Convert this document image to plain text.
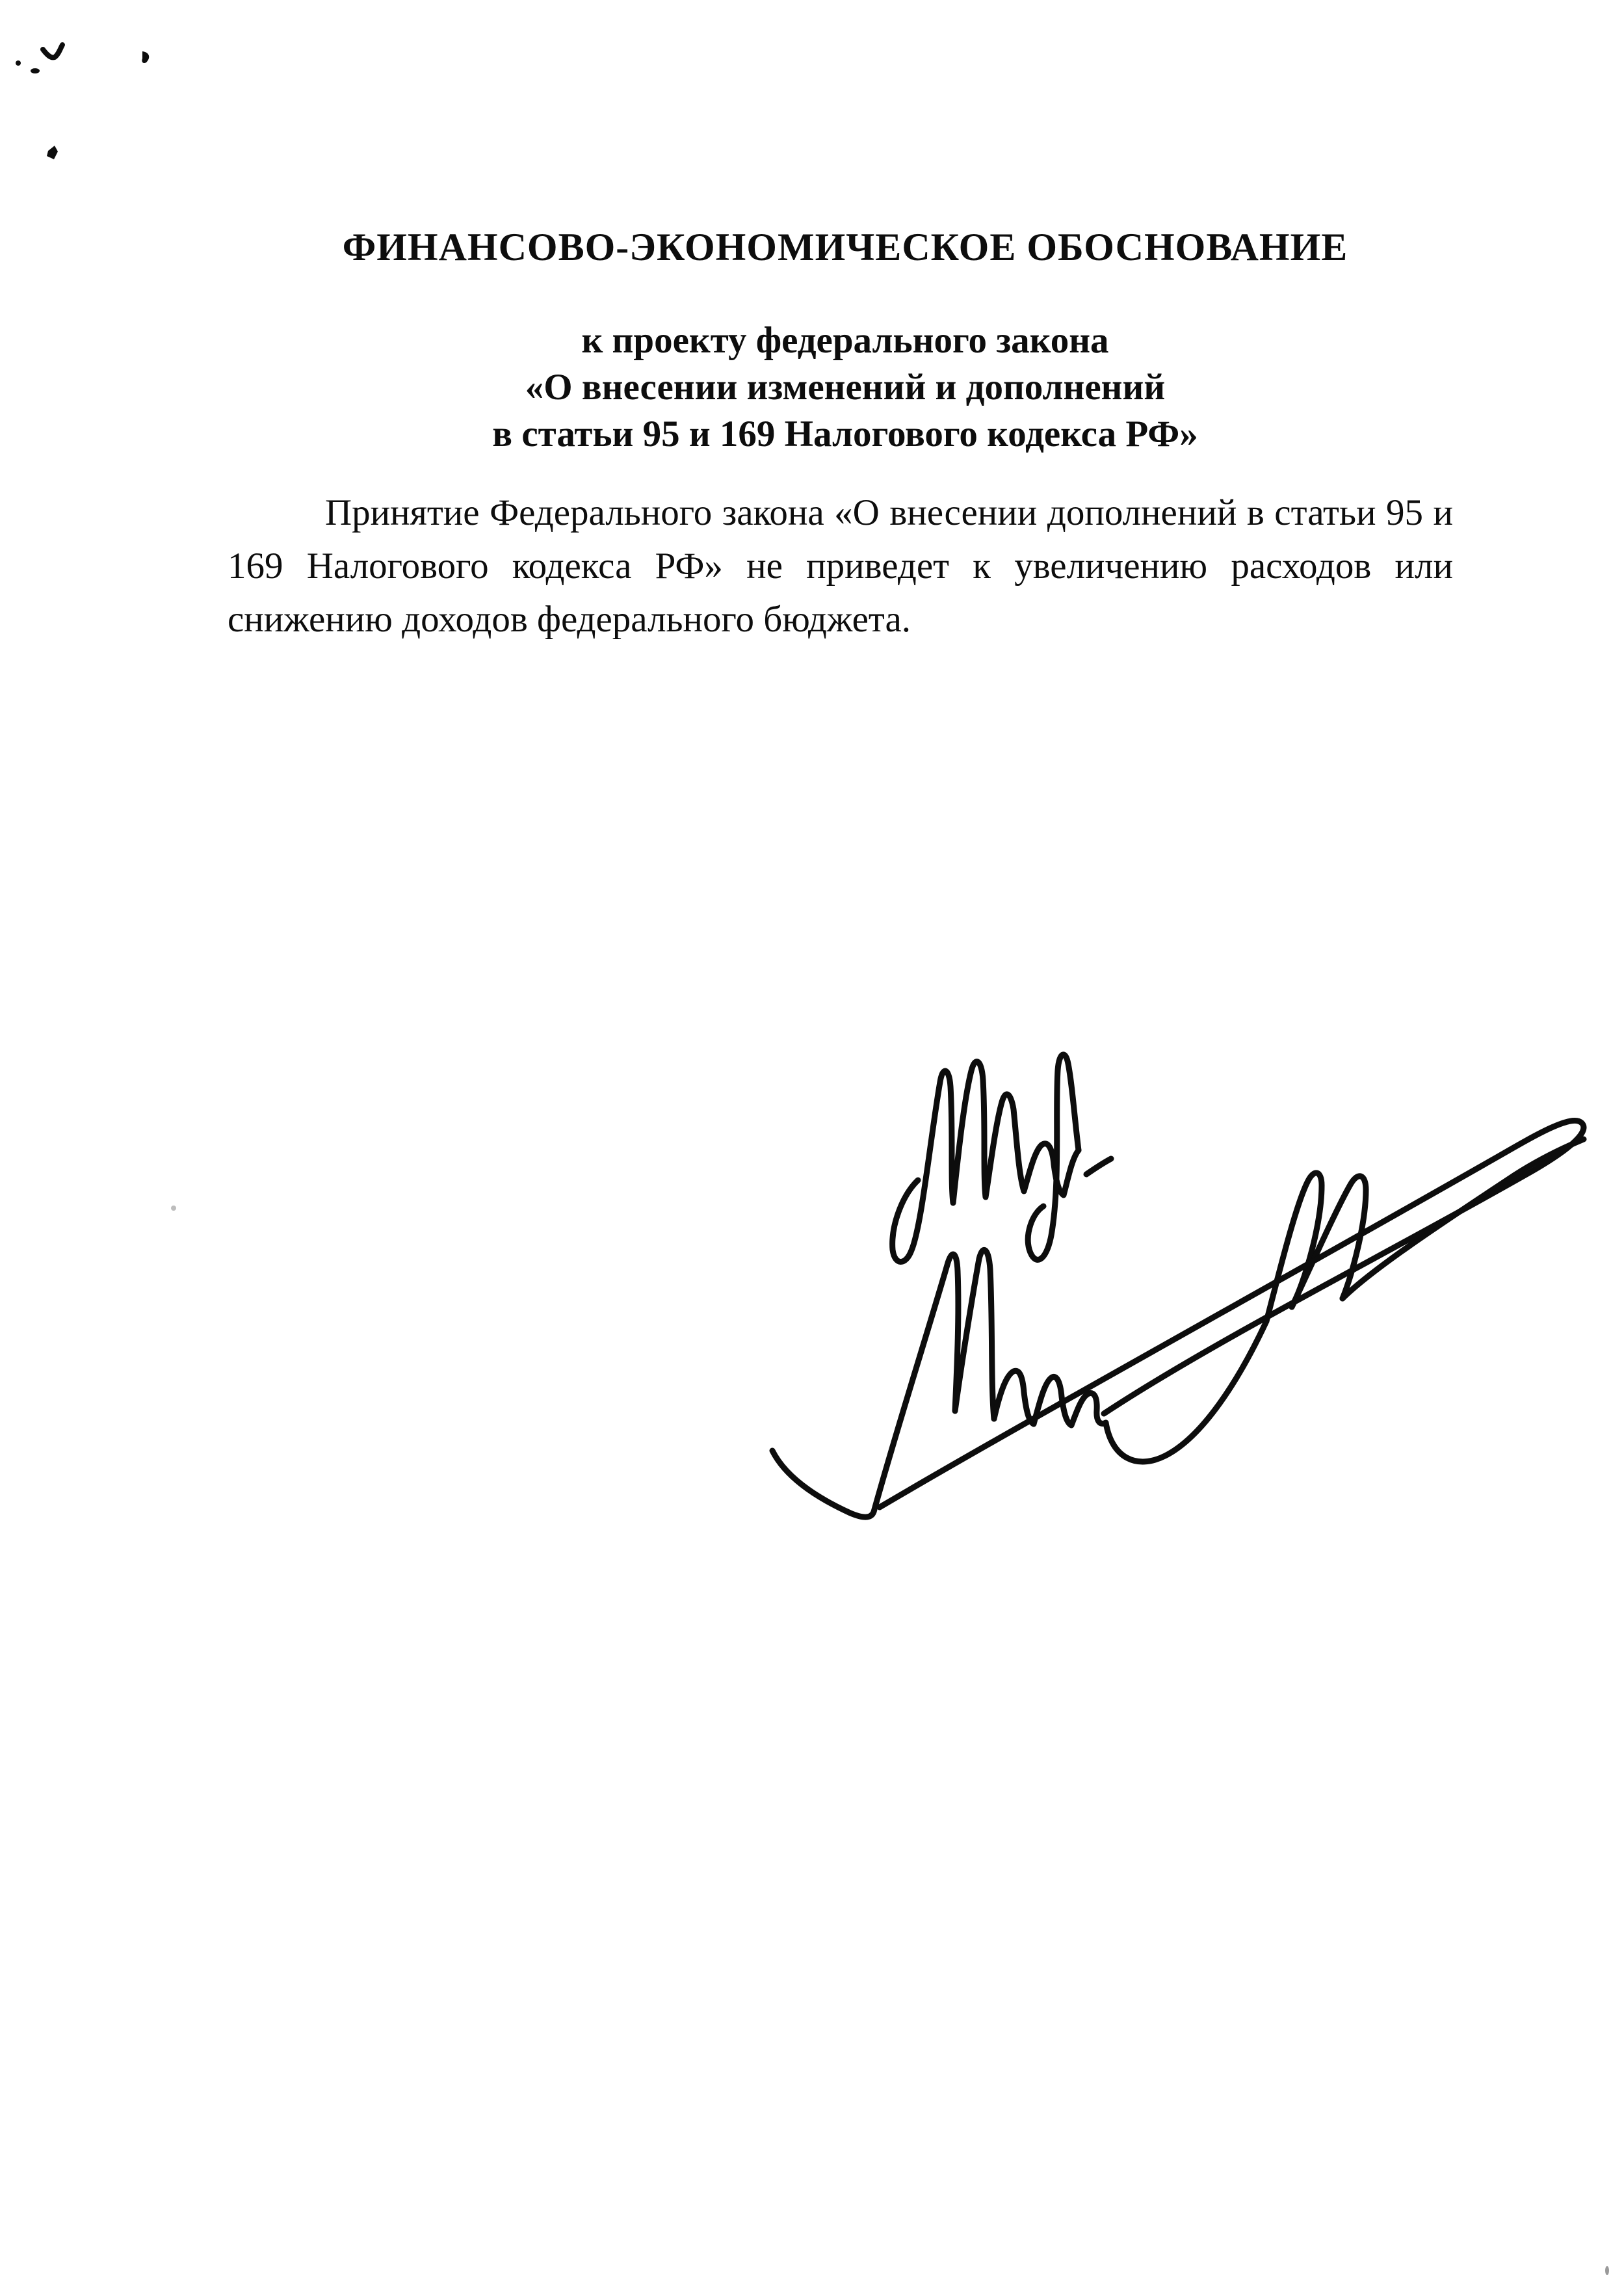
ФИНАНСОВО-ЭКОНОМИЧЕСКОЕ ОБОСНОВАНИЕ
к проекту федерального закона
«О внесении изменений и дополнений
в статьи 95 и 169 Налогового кодекса РФ»

Принятие Федерального закона «О внесении дополнений в статьи 95 и 169 Налогового кодекса РФ» не приведет к увеличению расходов или снижению доходов федерального бюджета.
